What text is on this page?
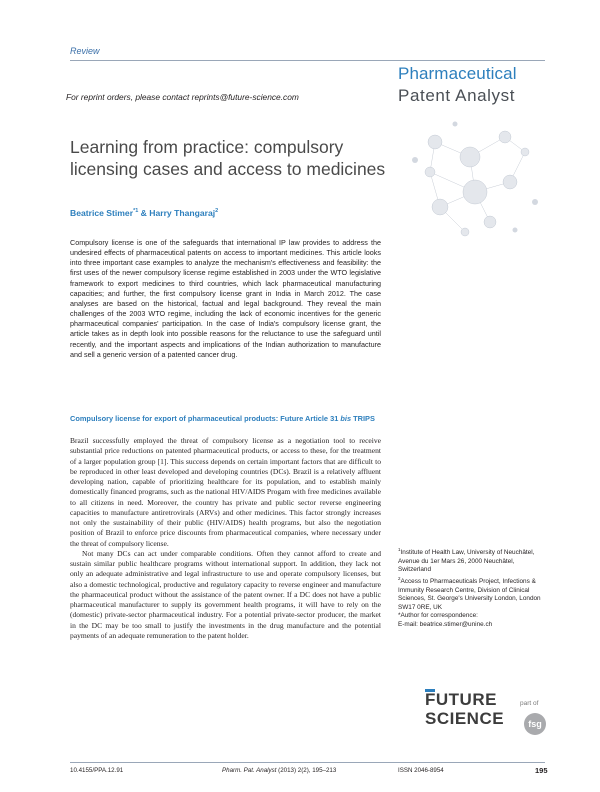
Review
Pharmaceutical
Patent Analyst
For reprint orders, please contact reprints@future-science.com
Learning from practice: compulsory licensing cases and access to medicines
Beatrice Stimer$^{*1}$ & Harry Thangaraj$^2$
Compulsory license is one of the safeguards that international IP law provides to address the undesired effects of pharmaceutical patents on access to important medicines. This article looks into three important case examples to analyze the mechanism's effectiveness and feasibility: the first uses of the newer compulsory license regime established in 2003 under the WTO legislative framework to export medicines to third countries, which lack pharmaceutical manufacturing capacities; and further, the first compulsory license grant in India in March 2012. The case analyses are based on the historical, factual and legal background. They reveal the main challenges of the 2003 WTO regime, including the lack of economic incentives for the generic pharmaceutical companies' participation. In the case of India's compulsory license grant, the article takes as in depth look into possible reasons for the reluctance to use the safeguard until recently, and the important aspects and implications of the Indian authorization to manufacture and sell a generic version of a patented cancer drug.
Compulsory license for export of pharmaceutical products: Future Article 31 bis TRIPS

Brazil successfully employed the threat of compulsory license as a negotiation tool to receive substantial price reductions on patented pharmaceutical products, or access to these, for the treatment of a larger population group [1]. This success depends on certain important factors that are difficult to be reproduced in other least developed and developing countries (DCs). Brazil is a relatively affluent developing nation, capable of prioritizing healthcare for its population, and to establish mainly domestically financed programs, such as the national HIV/AIDS Progam with free medicines available to all citizens in need. Moreover, the country has private and public sector reverse engineering capacities to manufacture antiretrovirals (ARVs) and other medicines. This factor strongly increases not only the sustainability of their public (HIV/AIDS) health programs, but also the negotiation position of Brazil to enforce price discounts from pharmaceutical companies, where necessary under the threat of compulsory license.

Not many DCs can act under comparable conditions. Often they cannot afford to create and sustain similar public healthcare programs without international support. In addition, they lack not only an adequate administrative and legal infrastructure to use and operate compulsory licenses, but also a domestic technological, productive and regulatory capacity to reverse engineer and manufacture the pharmaceutical product without the assistance of the patent owner. If a DC does not have a public pharmaceutical manufacturer to supply its government health programs, it will have to rely on the (domestic) private-sector pharmaceutical industry. For a potential private-sector producer, the market in the DC may be too small to justify the investments in the drug manufacture and the potential payments of an adequate remuneration to the patent holder.

$^1$Institute of Health Law, University of Neuchâtel, Avenue du 1er Mars 26, 2000 Neuchâtel, Switzerland
$^2$Access to Pharmaceuticals Project, Infections & Immunity Research Centre, Division of Clinical Sciences, St. George's University London, London SW17 0RE, UK
*Author for correspondence:
E-mail: beatrice.stimer@unine.ch
FUTURE
SCIENCE
part of
fsg
10.4155/PPA.12.91	Pharm. Pat. Analyst (2013) 2(2), 195–213	ISSN 2046-8954	195
